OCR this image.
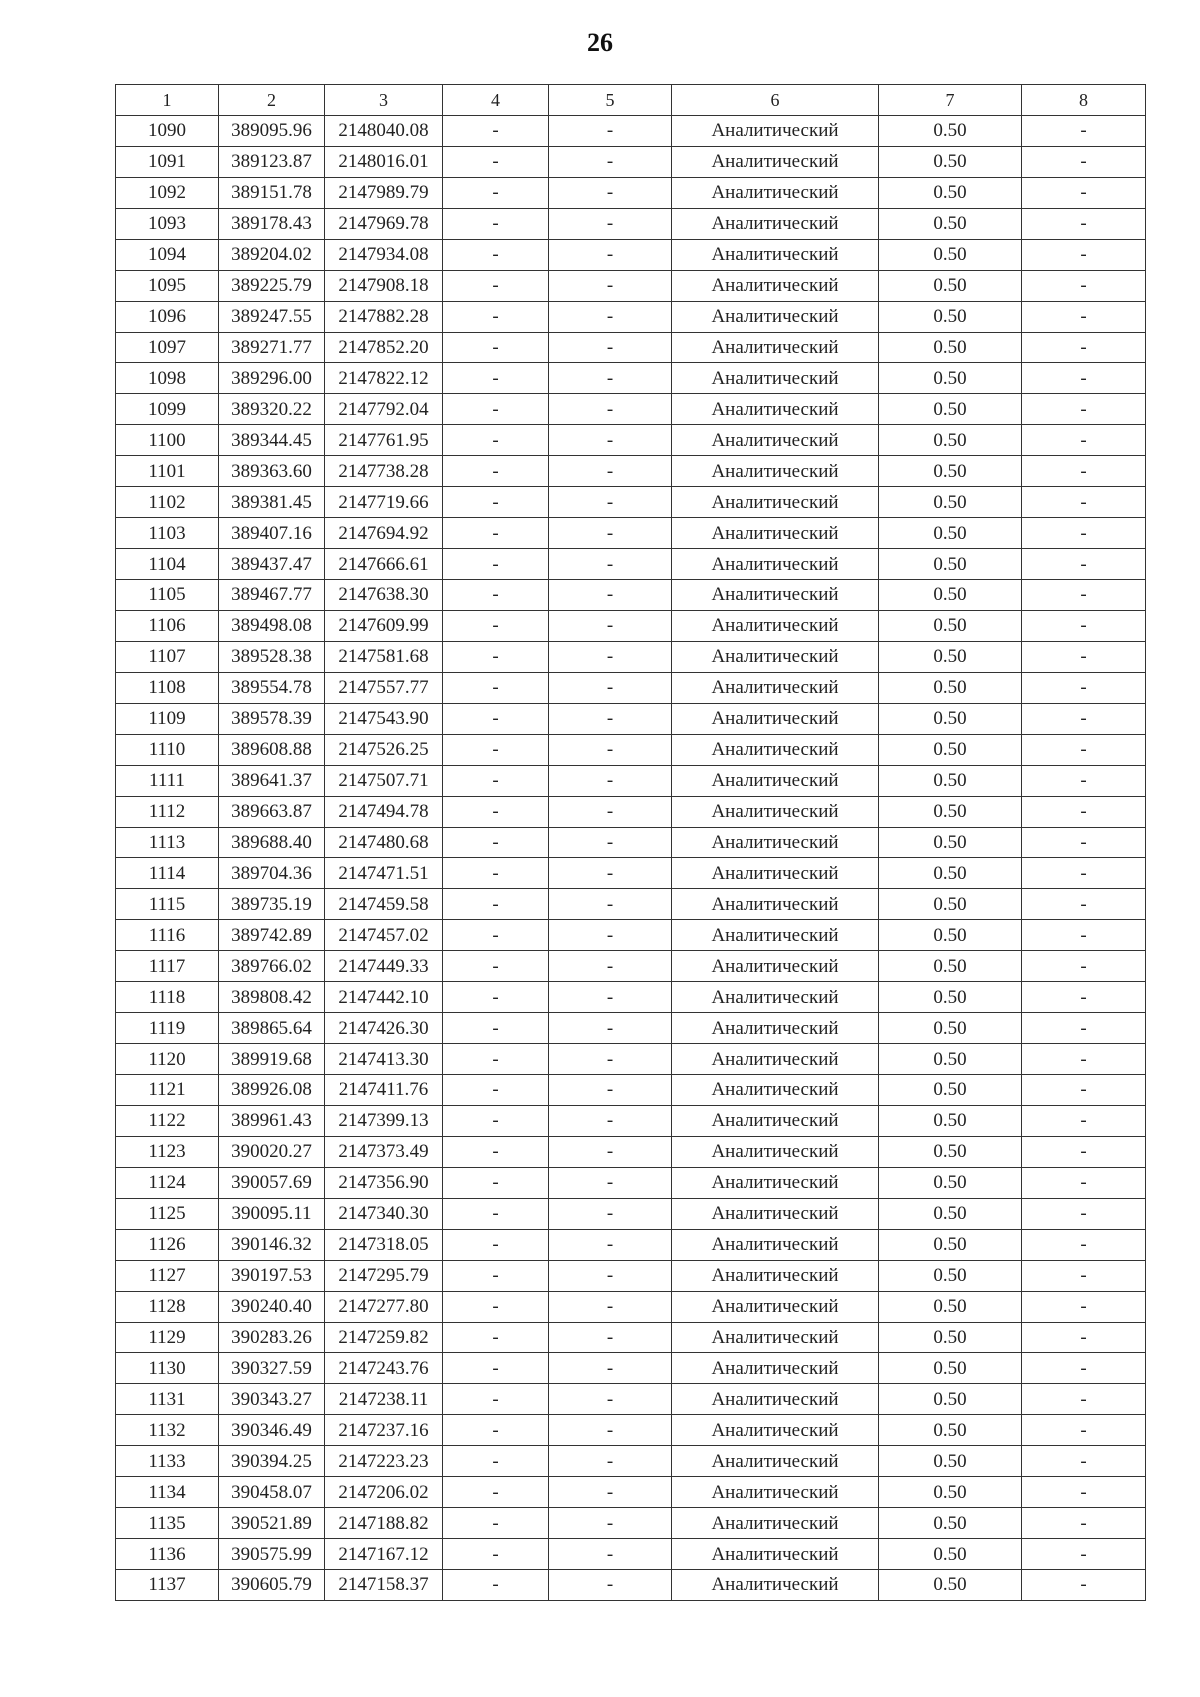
26
1	2	3	4	5	6	7	8
1090	389095.96	2148040.08	-	-	Аналитический	0.50	-
1091	389123.87	2148016.01	-	-	Аналитический	0.50	-
1092	389151.78	2147989.79	-	-	Аналитический	0.50	-
1093	389178.43	2147969.78	-	-	Аналитический	0.50	-
1094	389204.02	2147934.08	-	-	Аналитический	0.50	-
1095	389225.79	2147908.18	-	-	Аналитический	0.50	-
1096	389247.55	2147882.28	-	-	Аналитический	0.50	-
1097	389271.77	2147852.20	-	-	Аналитический	0.50	-
1098	389296.00	2147822.12	-	-	Аналитический	0.50	-
1099	389320.22	2147792.04	-	-	Аналитический	0.50	-
1100	389344.45	2147761.95	-	-	Аналитический	0.50	-
1101	389363.60	2147738.28	-	-	Аналитический	0.50	-
1102	389381.45	2147719.66	-	-	Аналитический	0.50	-
1103	389407.16	2147694.92	-	-	Аналитический	0.50	-
1104	389437.47	2147666.61	-	-	Аналитический	0.50	-
1105	389467.77	2147638.30	-	-	Аналитический	0.50	-
1106	389498.08	2147609.99	-	-	Аналитический	0.50	-
1107	389528.38	2147581.68	-	-	Аналитический	0.50	-
1108	389554.78	2147557.77	-	-	Аналитический	0.50	-
1109	389578.39	2147543.90	-	-	Аналитический	0.50	-
1110	389608.88	2147526.25	-	-	Аналитический	0.50	-
1111	389641.37	2147507.71	-	-	Аналитический	0.50	-
1112	389663.87	2147494.78	-	-	Аналитический	0.50	-
1113	389688.40	2147480.68	-	-	Аналитический	0.50	-
1114	389704.36	2147471.51	-	-	Аналитический	0.50	-
1115	389735.19	2147459.58	-	-	Аналитический	0.50	-
1116	389742.89	2147457.02	-	-	Аналитический	0.50	-
1117	389766.02	2147449.33	-	-	Аналитический	0.50	-
1118	389808.42	2147442.10	-	-	Аналитический	0.50	-
1119	389865.64	2147426.30	-	-	Аналитический	0.50	-
1120	389919.68	2147413.30	-	-	Аналитический	0.50	-
1121	389926.08	2147411.76	-	-	Аналитический	0.50	-
1122	389961.43	2147399.13	-	-	Аналитический	0.50	-
1123	390020.27	2147373.49	-	-	Аналитический	0.50	-
1124	390057.69	2147356.90	-	-	Аналитический	0.50	-
1125	390095.11	2147340.30	-	-	Аналитический	0.50	-
1126	390146.32	2147318.05	-	-	Аналитический	0.50	-
1127	390197.53	2147295.79	-	-	Аналитический	0.50	-
1128	390240.40	2147277.80	-	-	Аналитический	0.50	-
1129	390283.26	2147259.82	-	-	Аналитический	0.50	-
1130	390327.59	2147243.76	-	-	Аналитический	0.50	-
1131	390343.27	2147238.11	-	-	Аналитический	0.50	-
1132	390346.49	2147237.16	-	-	Аналитический	0.50	-
1133	390394.25	2147223.23	-	-	Аналитический	0.50	-
1134	390458.07	2147206.02	-	-	Аналитический	0.50	-
1135	390521.89	2147188.82	-	-	Аналитический	0.50	-
1136	390575.99	2147167.12	-	-	Аналитический	0.50	-
1137	390605.79	2147158.37	-	-	Аналитический	0.50	-
